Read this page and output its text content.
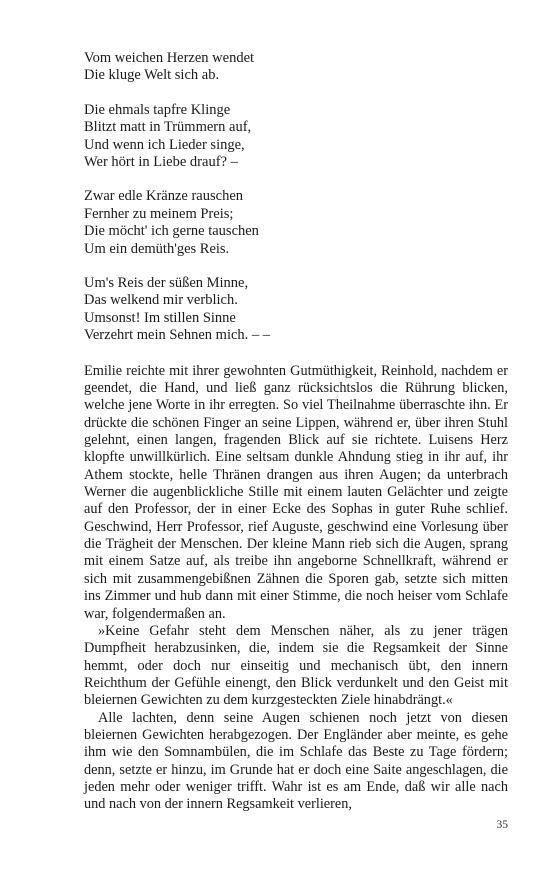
Vom weichen Herzen wendet
Die kluge Welt sich ab.
Die ehmals tapfre Klinge
Blitzt matt in Trümmern auf,
Und wenn ich Lieder singe,
Wer hört in Liebe drauf? –
Zwar edle Kränze rauschen
Fernher zu meinem Preis;
Die möcht' ich gerne tauschen
Um ein demüth'ges Reis.
Um's Reis der süßen Minne,
Das welkend mir verblich.
Umsonst! Im stillen Sinne
Verzehrt mein Sehnen mich. – –

Emilie reichte mit ihrer gewohnten Gutmüthigkeit, Reinhold, nachdem er geendet, die Hand, und ließ ganz rücksichtslos die Rührung blicken, welche jene Worte in ihr erregten. So viel Theilnahme überraschte ihn. Er drückte die schönen Finger an seine Lippen, während er, über ihren Stuhl gelehnt, einen langen, fragenden Blick auf sie richtete. Luisens Herz klopfte unwillkürlich. Eine seltsam dunkle Ahndung stieg in ihr auf, ihr Athem stockte, helle Thränen drangen aus ihren Augen; da unterbrach Werner die augenblickliche Stille mit einem lauten Gelächter und zeigte auf den Professor, der in einer Ecke des Sophas in guter Ruhe schlief. Geschwind, Herr Professor, rief Auguste, geschwind eine Vorlesung über die Trägheit der Menschen. Der kleine Mann rieb sich die Augen, sprang mit einem Satze auf, als treibe ihn angeborne Schnellkraft, während er sich mit zusammengebißnen Zähnen die Sporen gab, setzte sich mitten ins Zimmer und hub dann mit einer Stimme, die noch heiser vom Schlafe war, folgendermaßen an.

»Keine Gefahr steht dem Menschen näher, als zu jener trägen Dumpfheit herabzusinken, die, indem sie die Regsamkeit der Sinne hemmt, oder doch nur einseitig und mechanisch übt, den innern Reichthum der Gefühle einengt, den Blick verdunkelt und den Geist mit bleiernen Gewichten zu dem kurzgesteckten Ziele hinabdrängt.«

Alle lachten, denn seine Augen schienen noch jetzt von diesen bleiernen Gewichten herabgezogen. Der Engländer aber meinte, es gehe ihm wie den Somnambülen, die im Schlafe das Beste zu Tage fördern; denn, setzte er hinzu, im Grunde hat er doch eine Saite angeschlagen, die jeden mehr oder weniger trifft. Wahr ist es am Ende, daß wir alle nach und nach von der innern Regsamkeit verlieren,

35
